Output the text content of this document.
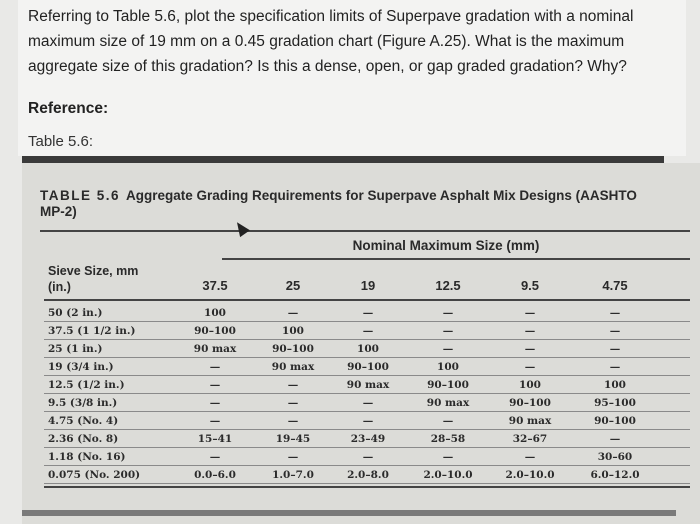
Referring to Table 5.6, plot the specification limits of Superpave gradation with a nominal maximum size of 19 mm on a 0.45 gradation chart (Figure A.25). What is the maximum aggregate size of this gradation? Is this a dense, open, or gap graded gradation? Why?
Reference:
Table 5.6:
TABLE 5.6 Aggregate Grading Requirements for Superpave Asphalt Mix Designs (AASHTO MP-2)
Nominal Maximum Size (mm)
Sieve Size, mm
(in.)	37.5	25	19	12.5	9.5	4.75
50 (2 in.)	100	—	—	—	—	—
37.5 (1 1/2 in.)	90–100	100	—	—	—	—
25 (1 in.)	90 max	90–100	100	—	—	—
19 (3/4 in.)	—	90 max	90–100	100	—	—
12.5 (1/2 in.)	—	—	90 max	90–100	100	100
9.5 (3/8 in.)	—	—	—	90 max	90–100	95–100
4.75 (No. 4)	—	—	—	—	90 max	90–100
2.36 (No. 8)	15–41	19–45	23–49	28–58	32–67	—
1.18 (No. 16)	—	—	—	—	—	30–60
0.075 (No. 200)	0.0–6.0	1.0–7.0	2.0–8.0	2.0–10.0	2.0–10.0	6.0–12.0
